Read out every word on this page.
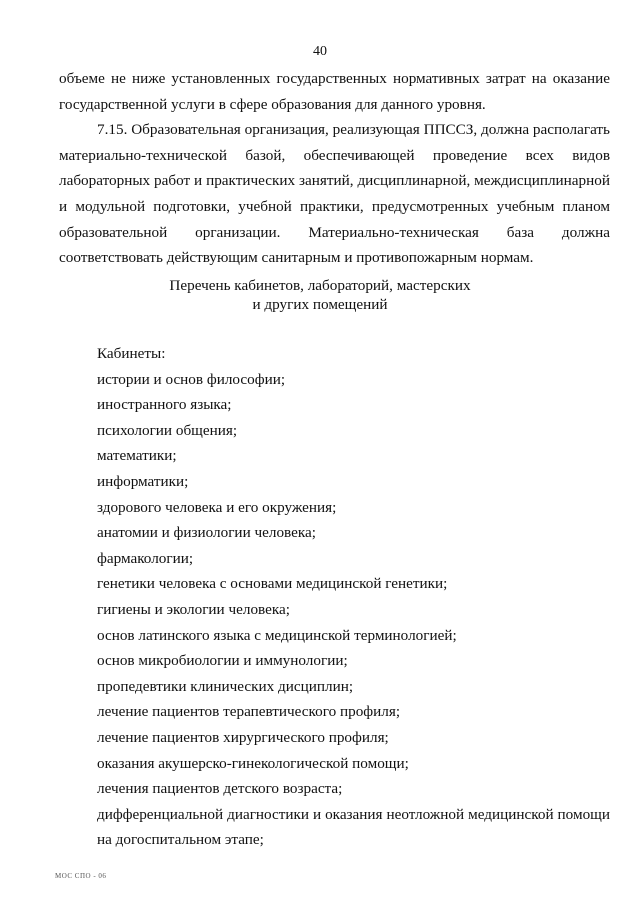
40

объеме не ниже установленных государственных нормативных затрат на оказание государственной услуги в сфере образования для данного уровня.

7.15. Образовательная организация, реализующая ППССЗ, должна располагать материально-технической базой, обеспечивающей проведение всех видов лабораторных работ и практических занятий, дисциплинарной, междисциплинарной и модульной подготовки, учебной практики, предусмотренных учебным планом образовательной организации. Материально-техническая база должна соответствовать действующим санитарным и противопожарным нормам.

Перечень кабинетов, лабораторий, мастерских
и других помещений
Кабинеты:
истории и основ философии;
иностранного языка;
психологии общения;
математики;
информатики;
здорового человека и его окружения;
анатомии и физиологии человека;
фармакологии;
генетики человека с основами медицинской генетики;
гигиены и экологии человека;
основ латинского языка с медицинской терминологией;
основ микробиологии и иммунологии;
пропедевтики клинических дисциплин;
лечение пациентов терапевтического профиля;
лечение пациентов хирургического профиля;
оказания акушерско-гинекологической помощи;
лечения пациентов детского возраста;
дифференциальной диагностики и оказания неотложной медицинской помощи на догоспитальном этапе;
МОС СПО - 06
